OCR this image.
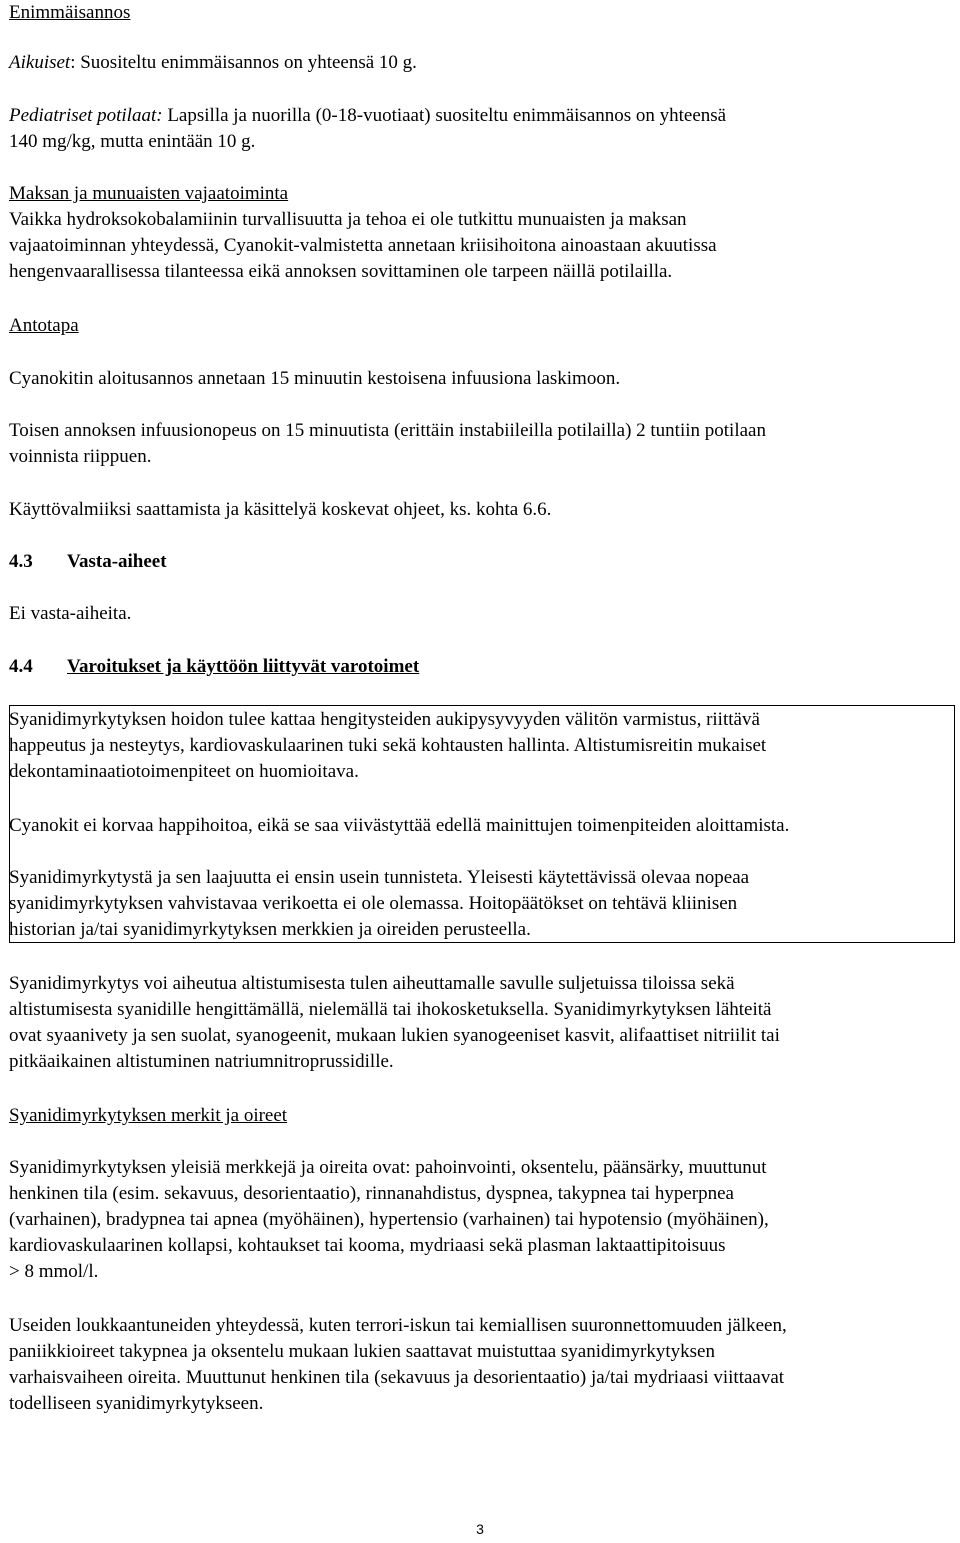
Enimmäisannos

Aikuiset: Suositeltu enimmäisannos on yhteensä 10 g.

Pediatriset potilaat: Lapsilla ja nuorilla (0-18-vuotiaat) suositeltu enimmäisannos on yhteensä
140 mg/kg, mutta enintään 10 g.

Maksan ja munuaisten vajaatoiminta
Vaikka hydroksokobalamiinin turvallisuutta ja tehoa ei ole tutkittu munuaisten ja maksan
vajaatoiminnan yhteydessä, Cyanokit-valmistetta annetaan kriisihoitona ainoastaan akuutissa
hengenvaarallisessa tilanteessa eikä annoksen sovittaminen ole tarpeen näillä potilailla.

Antotapa

Cyanokitin aloitusannos annetaan 15 minuutin kestoisena infuusiona laskimoon.

Toisen annoksen infuusionopeus on 15 minuutista (erittäin instabiileilla potilailla) 2 tuntiin potilaan
voinnista riippuen.

Käyttövalmiiksi saattamista ja käsittelyä koskevat ohjeet, ks. kohta 6.6.

4.3 Vasta-aiheet

Ei vasta-aiheita.

4.4 Varoitukset ja käyttöön liittyvät varotoimet

Syanidimyrkytyksen hoidon tulee kattaa hengitysteiden aukipysyvyyden välitön varmistus, riittävä
happeutus ja nesteytys, kardiovaskulaarinen tuki sekä kohtausten hallinta. Altistumisreitin mukaiset
dekontaminaatiotoimenpiteet on huomioitava.

Cyanokit ei korvaa happihoitoa, eikä se saa viivästyttää edellä mainittujen toimenpiteiden aloittamista.

Syanidimyrkytystä ja sen laajuutta ei ensin usein tunnisteta. Yleisesti käytettävissä olevaa nopeaa
syanidimyrkytyksen vahvistavaa verikoetta ei ole olemassa. Hoitopäätökset on tehtävä kliinisen
historian ja/tai syanidimyrkytyksen merkkien ja oireiden perusteella.

Syanidimyrkytys voi aiheutua altistumisesta tulen aiheuttamalle savulle suljetuissa tiloissa sekä
altistumisesta syanidille hengittämällä, nielemällä tai ihokosketuksella. Syanidimyrkytyksen lähteitä
ovat syaanivety ja sen suolat, syanogeenit, mukaan lukien syanogeeniset kasvit, alifaattiset nitriilit tai
pitkäaikainen altistuminen natriumnitroprussidille.

Syanidimyrkytyksen merkit ja oireet

Syanidimyrkytyksen yleisiä merkkejä ja oireita ovat: pahoinvointi, oksentelu, päänsärky, muuttunut
henkinen tila (esim. sekavuus, desorientaatio), rinnanahdistus, dyspnea, takypnea tai hyperpnea
(varhainen), bradypnea tai apnea (myöhäinen), hypertensio (varhainen) tai hypotensio (myöhäinen),
kardiovaskulaarinen kollapsi, kohtaukset tai kooma, mydriaasi sekä plasman laktaattipitoisuus
> 8 mmol/l.

Useiden loukkaantuneiden yhteydessä, kuten terrori-iskun tai kemiallisen suuronnettomuuden jälkeen,
paniikkioireet takypnea ja oksentelu mukaan lukien saattavat muistuttaa syanidimyrkytyksen
varhaisvaiheen oireita. Muuttunut henkinen tila (sekavuus ja desorientaatio) ja/tai mydriaasi viittaavat
todelliseen syanidimyrkytykseen.

3
